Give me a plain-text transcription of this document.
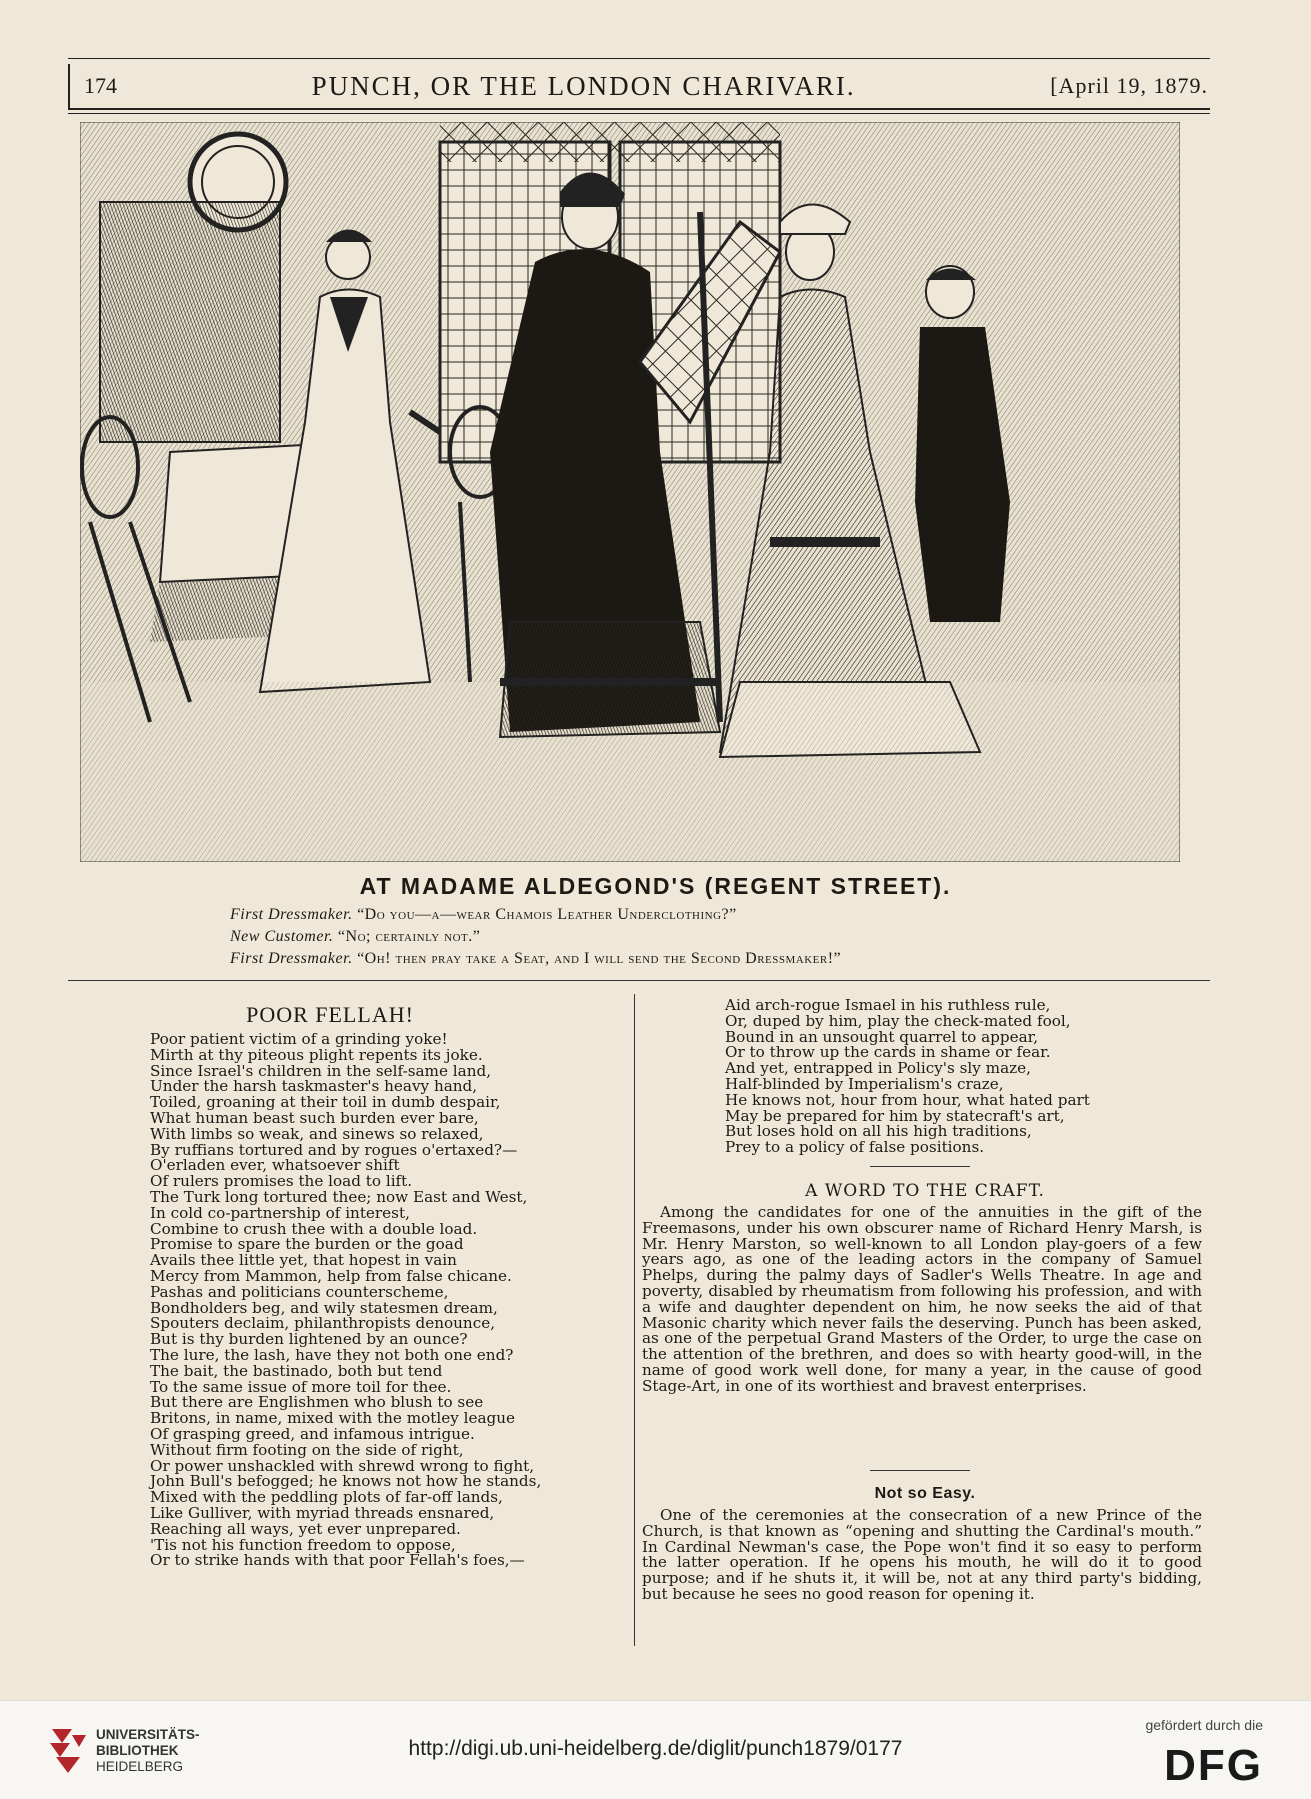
174	PUNCH, OR THE LONDON CHARIVARI.	[April 19, 1879.
AT MADAME ALDEGOND'S (REGENT STREET).
First Dressmaker. “Do you—a—wear Chamois Leather Underclothing?”
New Customer. “No; certainly not.”
First Dressmaker. “Oh! then pray take a Seat, and I will send the Second Dressmaker!”
POOR FELLAH!
Poor patient victim of a grinding yoke!
Mirth at thy piteous plight repents its joke.
Since Israel's children in the self-same land,
Under the harsh taskmaster's heavy hand,
Toiled, groaning at their toil in dumb despair,
What human beast such burden ever bare,
With limbs so weak, and sinews so relaxed,
By ruffians tortured and by rogues o'ertaxed?—
O'erladen ever, whatsoever shift
Of rulers promises the load to lift.
The Turk long tortured thee; now East and West,
In cold co-partnership of interest,
Combine to crush thee with a double load.
Promise to spare the burden or the goad
Avails thee little yet, that hopest in vain
Mercy from Mammon, help from false chicane.
Pashas and politicians counterscheme,
Bondholders beg, and wily statesmen dream,
Spouters declaim, philanthropists denounce,
But is thy burden lightened by an ounce?
The lure, the lash, have they not both one end?
The bait, the bastinado, both but tend
To the same issue of more toil for thee.
But there are Englishmen who blush to see
Britons, in name, mixed with the motley league
Of grasping greed, and infamous intrigue.
Without firm footing on the side of right,
Or power unshackled with shrewd wrong to fight,
John Bull's befogged; he knows not how he stands,
Mixed with the peddling plots of far-off lands,
Like Gulliver, with myriad threads ensnared,
Reaching all ways, yet ever unprepared.
'Tis not his function freedom to oppose,
Or to strike hands with that poor Fellah's foes,—
Aid arch-rogue Ismael in his ruthless rule,
Or, duped by him, play the check-mated fool,
Bound in an unsought quarrel to appear,
Or to throw up the cards in shame or fear.
And yet, entrapped in Policy's sly maze,
Half-blinded by Imperialism's craze,
He knows not, hour from hour, what hated part
May be prepared for him by statecraft's art,
But loses hold on all his high traditions,
Prey to a policy of false positions.
A WORD TO THE CRAFT.

Among the candidates for one of the annuities in the gift of the Freemasons, under his own obscurer name of Richard Henry Marsh, is Mr. Henry Marston, so well-known to all London play-goers of a few years ago, as one of the leading actors in the company of Samuel Phelps, during the palmy days of Sadler's Wells Theatre. In age and poverty, disabled by rheumatism from following his profession, and with a wife and daughter dependent on him, he now seeks the aid of that Masonic charity which never fails the deserving. Punch has been asked, as one of the perpetual Grand Masters of the Order, to urge the case on the attention of the brethren, and does so with hearty good-will, in the name of good work well done, for many a year, in the cause of good Stage-Art, in one of its worthiest and bravest enterprises.

Not so Easy.

One of the ceremonies at the consecration of a new Prince of the Church, is that known as “opening and shutting the Cardinal's mouth.” In Cardinal Newman's case, the Pope won't find it so easy to perform the latter operation. If he opens his mouth, he will do it to good purpose; and if he shuts it, it will be, not at any third party's bidding, but because he sees no good reason for opening it.

UNIVERSITÄTS-
BIBLIOTHEK
HEIDELBERG
http://digi.ub.uni-heidelberg.de/diglit/punch1879/0177
gefördert durch die
DFG
